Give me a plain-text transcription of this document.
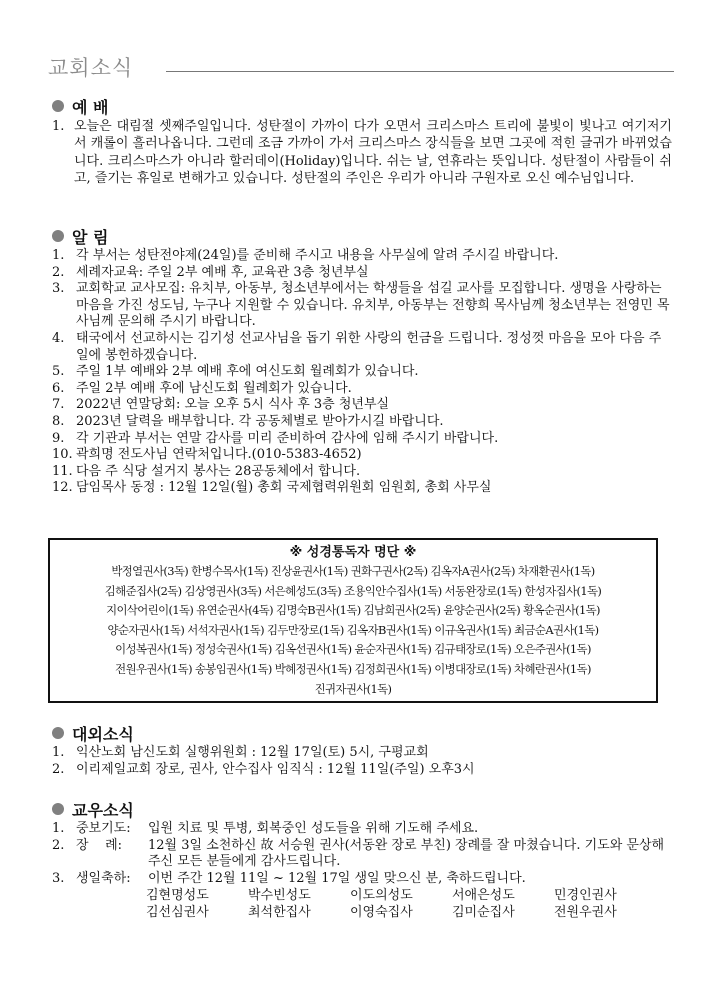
교회소식
예 배
1. 오늘은 대림절 셋째주일입니다. 성탄절이 가까이 다가 오면서 크리스마스 트리에 불빛이 빛나고 여기저기서 캐롤이 흘러나옵니다. 그런데 조금 가까이 가서 크리스마스 장식들을 보면 그곳에 적힌 글귀가 바뀌었습니다. 크리스마스가 아니라 할러데이(Holiday)입니다. 쉬는 날, 연휴라는 뜻입니다. 성탄절이 사람들이 쉬고, 즐기는 휴일로 변해가고 있습니다. 성탄절의 주인은 우리가 아니라 구원자로 오신 예수님입니다.
알 림
1. 각 부서는 성탄전야제(24일)를 준비해 주시고 내용을 사무실에 알려 주시길 바랍니다.
2. 세례자교육: 주일 2부 예배 후, 교육관 3층 청년부실
3. 교회학교 교사모집: 유치부, 아동부, 청소년부에서는 학생들을 섬길 교사를 모집합니다. 생명을 사랑하는 마음을 가진 성도님, 누구나 지원할 수 있습니다. 유치부, 아동부는 전향희 목사님께 청소년부는 전영민 목사님께 문의해 주시기 바랍니다.
4. 태국에서 선교하시는 김기성 선교사님을 돕기 위한 사랑의 헌금을 드립니다. 정성껏 마음을 모아 다음 주일에 봉헌하겠습니다.
5. 주일 1부 예배와 2부 예배 후에 여신도회 월례회가 있습니다.
6. 주일 2부 예배 후에 남신도회 월례회가 있습니다.
7. 2022년 연말당회: 오늘 오후 5시 식사 후 3층 청년부실
8. 2023년 달력을 배부합니다. 각 공동체별로 받아가시길 바랍니다.
9. 각 기관과 부서는 연말 감사를 미리 준비하여 감사에 임해 주시기 바랍니다.
10. 곽희명 전도사님 연락처입니다.(010-5383-4652)
11. 다음 주 식당 설거지 봉사는 28공동체에서 합니다.
12. 담임목사 동정 : 12월 12일(월) 총회 국제협력위원회 임원회, 총회 사무실
※ 성경통독자 명단 ※
박정열권사(3독) 한병수목사(1독) 진상윤권사(1독) 권화구권사(2독) 김옥자A권사(2독) 차재환권사(1독)
김해준집사(2독) 김상영권사(3독) 서은혜성도(3독) 조용익안수집사(1독) 서동완장로(1독) 한성자집사(1독)
지이삭어린이(1독) 유연순권사(4독) 김명숙B권사(1독) 김남희권사(2독) 윤양순권사(2독) 황옥순권사(1독)
양순자권사(1독) 서석자권사(1독) 김두만장로(1독) 김옥자B권사(1독) 이규옥권사(1독) 최금순A권사(1독)
이성복권사(1독) 정성숙권사(1독) 김옥선권사(1독) 윤순자권사(1독) 김규태장로(1독) 오은주권사(1독)
전원우권사(1독) 송봉임권사(1독) 박혜정권사(1독) 김정희권사(1독) 이병대장로(1독) 차혜란권사(1독)
진귀자권사(1독)
대외소식
1. 익산노회 남신도회 실행위원회 : 12월 17일(토) 5시, 구평교회
2. 이리제일교회 장로, 권사, 안수집사 임직식 : 12월 11일(주일) 오후3시
교우소식
1. 중보기도:	입원 치료 및 투병, 회복중인 성도들을 위해 기도해 주세요.
2. 장    례:	12월 3일 소천하신 故 서승원 권사(서동완 장로 부친) 장례를 잘 마쳤습니다. 기도와 문상해 주신 모든 분들에게 감사드립니다.
3. 생일축하:	이번 주간 12월 11일 ~ 12월 17일 생일 맞으신 분, 축하드립니다.
김현명성도	박수빈성도	이도의성도	서애은성도	민경인권사
김선심권사	최석한집사	이영숙집사	김미순집사	전원우권사
